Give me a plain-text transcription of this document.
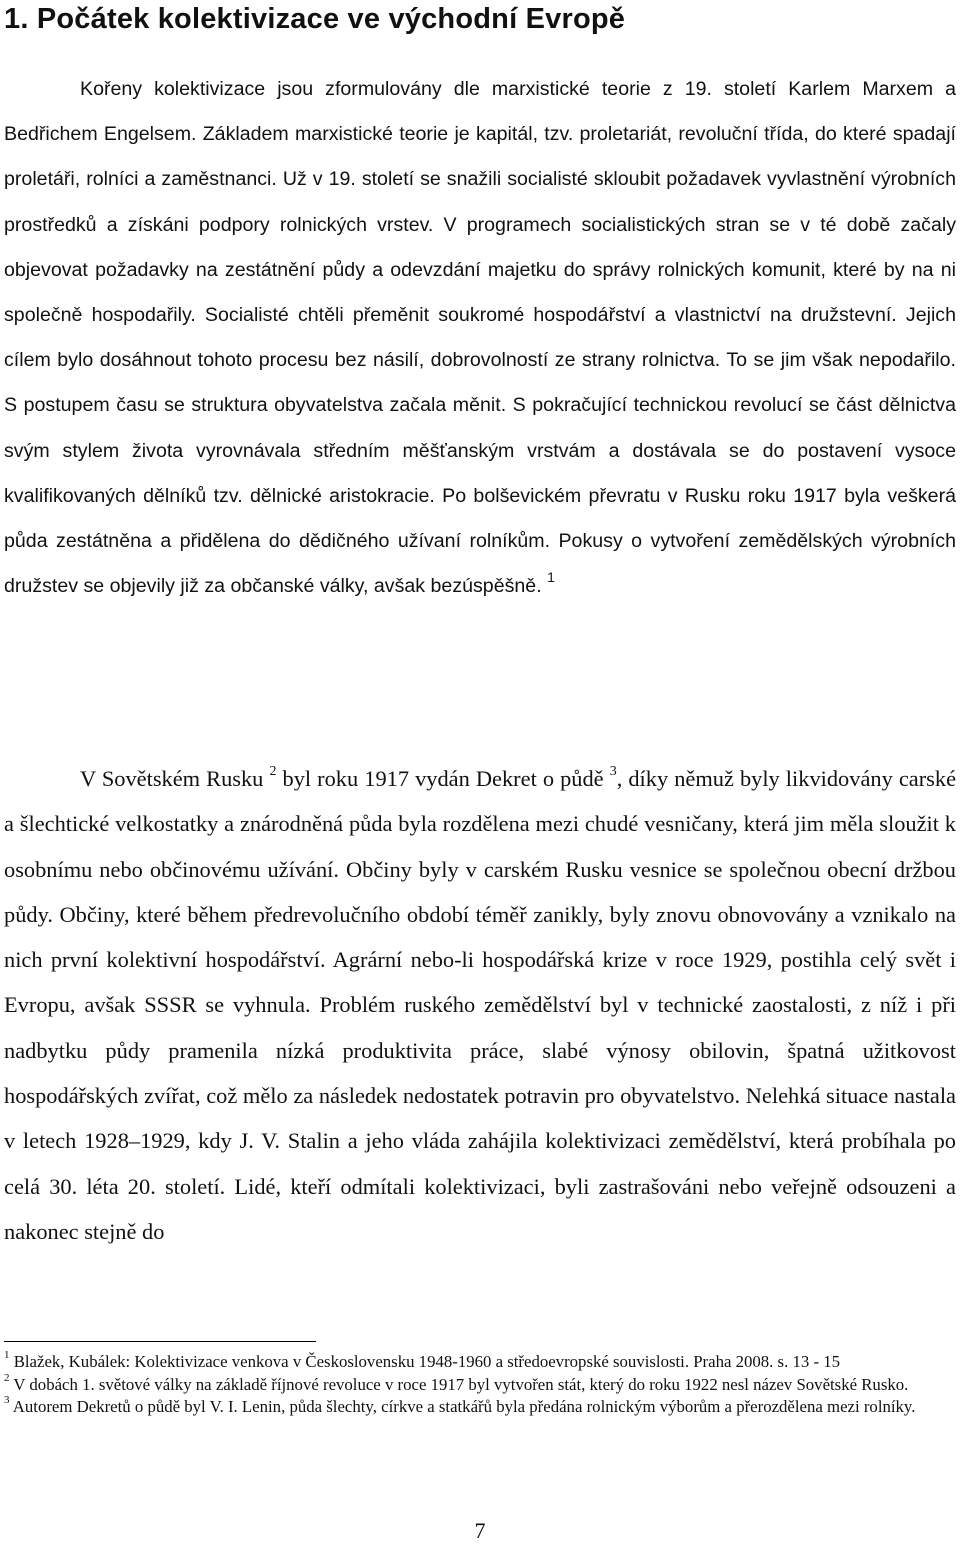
1. Počátek kolektivizace ve východní Evropě

Kořeny kolektivizace jsou zformulovány dle marxistické teorie z 19. století Karlem Marxem a Bedřichem Engelsem. Základem marxistické teorie je kapitál, tzv. proletariát, revoluční třída, do které spadají proletáři, rolníci a zaměstnanci. Už v 19. století se snažili socialisté skloubit požadavek vyvlastnění výrobních prostředků a získáni podpory rolnických vrstev. V programech socialistických stran se v té době začaly objevovat požadavky na zestátnění půdy a odevzdání majetku do správy rolnických komunit, které by na ni společně hospodařily. Socialisté chtěli přeměnit soukromé hospodářství a vlastnictví na družstevní. Jejich cílem bylo dosáhnout tohoto procesu bez násilí, dobrovolností ze strany rolnictva. To se jim však nepodařilo. S postupem času se struktura obyvatelstva začala měnit. S pokračující technickou revolucí se část dělnictva svým stylem života vyrovnávala středním měšťanským vrstvám a dostávala se do postavení vysoce kvalifikovaných dělníků tzv. dělnické aristokracie. Po bolševickém převratu v Rusku roku 1917 byla veškerá půda zestátněna a přidělena do dědičného užívaní rolníkům. Pokusy o vytvoření zemědělských výrobních družstev se objevily již za občanské války, avšak bezúspěšně. $^1$

V Sovětském Rusku $^2$ byl roku 1917 vydán Dekret o půdě $^3$, díky němuž byly likvidovány carské a šlechtické velkostatky a znárodněná půda byla rozdělena mezi chudé vesničany, která jim měla sloužit k osobnímu nebo občinovému užívání. Občiny byly v carském Rusku vesnice se společnou obecní držbou půdy. Občiny, které během předrevolučního období téměř zanikly, byly znovu obnovovány a vznikalo na nich první kolektivní hospodářství. Agrární nebo-li hospodářská krize v roce 1929, postihla celý svět i Evropu, avšak SSSR se vyhnula. Problém ruského zemědělství byl v technické zaostalosti, z níž i při nadbytku půdy pramenila nízká produktivita práce, slabé výnosy obilovin, špatná užitkovost hospodářských zvířat, což mělo za následek nedostatek potravin pro obyvatelstvo. Nelehká situace nastala v letech 1928–1929, kdy J. V. Stalin a jeho vláda zahájila kolektivizaci zemědělství, která probíhala po celá 30. léta 20. století. Lidé, kteří odmítali kolektivizaci, byli zastrašováni nebo veřejně odsouzeni a nakonec stejně do

$^1$ Blažek, Kubálek: Kolektivizace venkova v Československu 1948-1960 a středoevropské souvislosti. Praha 2008. s. 13 - 15

$^2$ V dobách 1. světové války na základě říjnové revoluce v roce 1917 byl vytvořen stát, který do roku 1922 nesl název Sovětské Rusko.

$^3$ Autorem Dekretů o půdě byl V. I. Lenin, půda šlechty, církve a statkářů byla předána rolnickým výborům a přerozdělena mezi rolníky.

7
